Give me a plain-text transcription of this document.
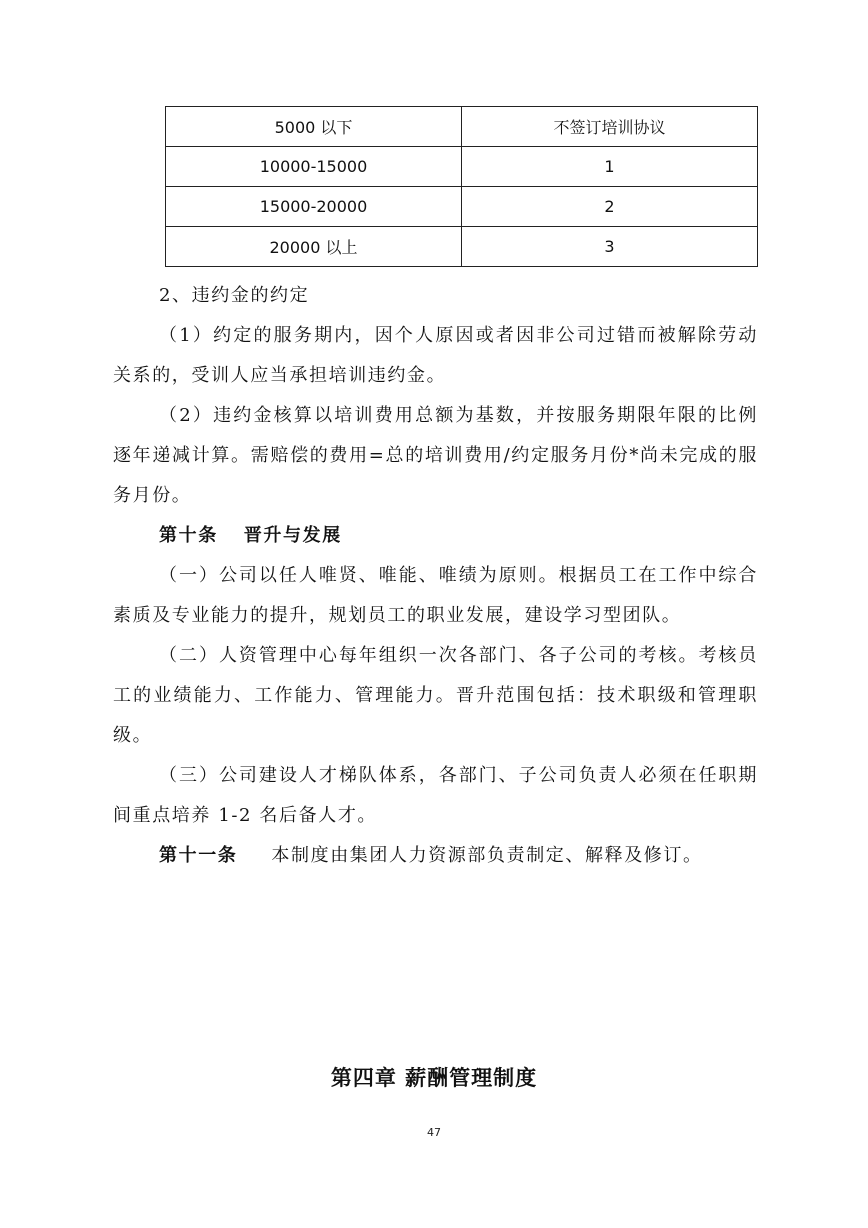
5000 以下	不签订培训协议
10000-15000	1
15000-20000	2
20000 以上	3

2、违约金的约定

（1）约定的服务期内，因个人原因或者因非公司过错而被解除劳动关系的，受训人应当承担培训违约金。

（2）违约金核算以培训费用总额为基数，并按服务期限年限的比例逐年递减计算。需赔偿的费用=总的培训费用/约定服务月份*尚未完成的服务月份。

第十条 晋升与发展

（一）公司以任人唯贤、唯能、唯绩为原则。根据员工在工作中综合素质及专业能力的提升，规划员工的职业发展，建设学习型团队。

（二）人资管理中心每年组织一次各部门、各子公司的考核。考核员工的业绩能力、工作能力、管理能力。晋升范围包括：技术职级和管理职级。

（三）公司建设人才梯队体系，各部门、子公司负责人必须在任职期间重点培养 1-2 名后备人才。

第十一条 本制度由集团人力资源部负责制定、解释及修订。

第四章 薪酬管理制度
47
